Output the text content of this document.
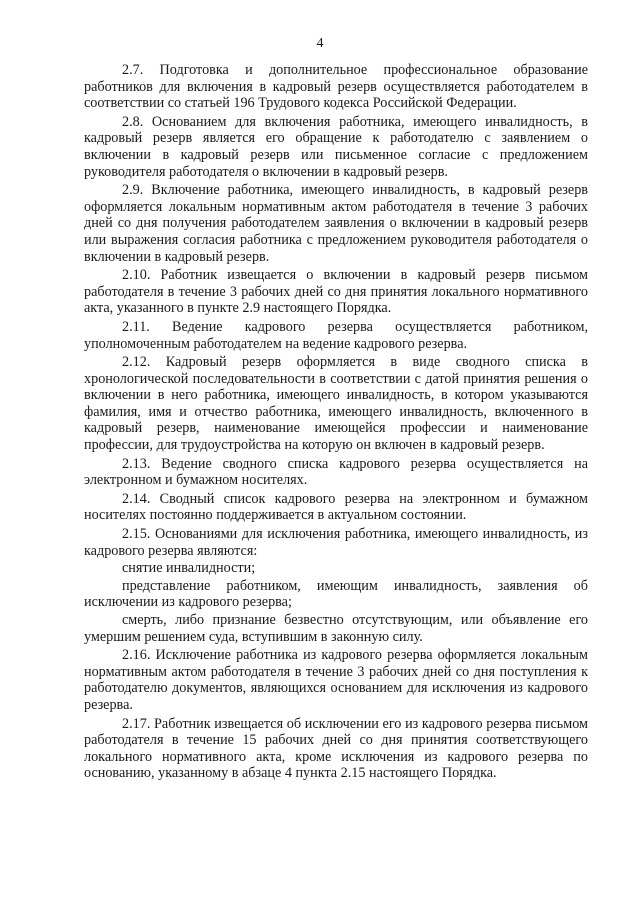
4

2.7. Подготовка и дополнительное профессиональное образование работников для включения в кадровый резерв осуществляется работодателем в соответствии со статьей 196 Трудового кодекса Российской Федерации.

2.8. Основанием для включения работника, имеющего инвалидность, в кадровый резерв является его обращение к работодателю с заявлением о включении в кадровый резерв или письменное согласие с предложением руководителя работодателя о включении в кадровый резерв.

2.9. Включение работника, имеющего инвалидность, в кадровый резерв оформляется локальным нормативным актом работодателя в течение 3 рабочих дней со дня получения работодателем заявления о включении в кадровый резерв или выражения согласия работника с предложением руководителя работодателя о включении в кадровый резерв.

2.10. Работник извещается о включении в кадровый резерв письмом работодателя в течение 3 рабочих дней со дня принятия локального нормативного акта, указанного в пункте 2.9 настоящего Порядка.

2.11. Ведение кадрового резерва осуществляется работником, уполномоченным работодателем на ведение кадрового резерва.

2.12. Кадровый резерв оформляется в виде сводного списка в хронологической последовательности в соответствии с датой принятия решения о включении в него работника, имеющего инвалидность, в котором указываются фамилия, имя и отчество работника, имеющего инвалидность, включенного в кадровый резерв, наименование имеющейся профессии и наименование профессии, для трудоустройства на которую он включен в кадровый резерв.

2.13. Ведение сводного списка кадрового резерва осуществляется на электронном и бумажном носителях.

2.14. Сводный список кадрового резерва на электронном и бумажном носителях постоянно поддерживается в актуальном состоянии.

2.15. Основаниями для исключения работника, имеющего инвалидность, из кадрового резерва являются:

снятие инвалидности;

представление работником, имеющим инвалидность, заявления об исключении из кадрового резерва;

смерть, либо признание безвестно отсутствующим, или объявление его умершим решением суда, вступившим в законную силу.

2.16. Исключение работника из кадрового резерва оформляется локальным нормативным актом работодателя в течение 3 рабочих дней со дня поступления к работодателю документов, являющихся основанием для исключения из кадрового резерва.

2.17. Работник извещается об исключении его из кадрового резерва письмом работодателя в течение 15 рабочих дней со дня принятия соответствующего локального нормативного акта, кроме исключения из кадрового резерва по основанию, указанному в абзаце 4 пункта 2.15 настоящего Порядка.
